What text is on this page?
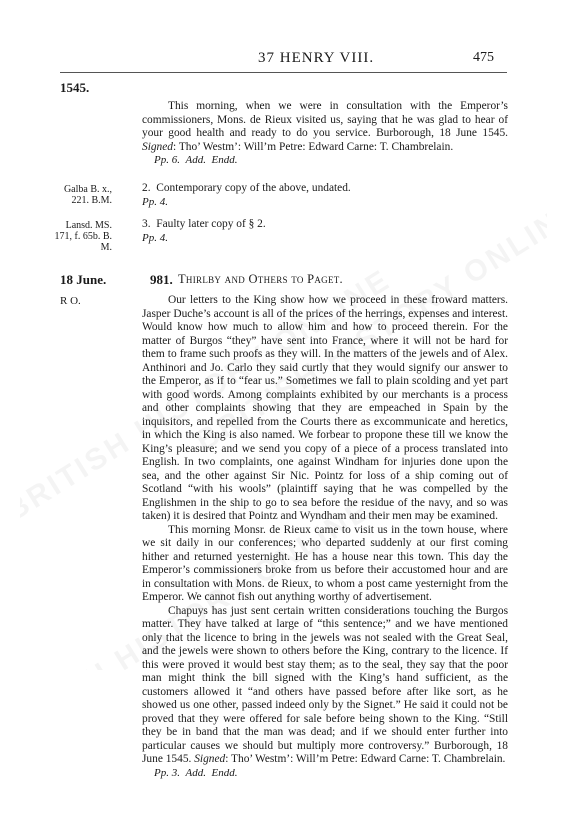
37 HENRY VIII.	475
1545.

This morning, when we were in consultation with the Emperor’s commissioners, Mons. de Rieux visited us, saying that he was glad to hear of your good health and ready to do you service. Burborough, 18 June 1545. Signed: Tho’ Westm’: Will’m Petre: Edward Carne: T. Chambrelain.

Pp. 6. Add. Endd.

Galba B. x., 221. B.M.

2. Contemporary copy of the above, undated.

Pp. 4.

Lansd. MS. 171, f. 65b. B. M.

3. Faulty later copy of § 2.

Pp. 4.

18 June.	981. Thirlby and Others to Paget.
R O.	Our letters to the King show how we proceed in these froward matters. Jasper Duche’s account is all of the prices of the herrings, expenses and interest. Would know how much to allow him and how to proceed therein. For the matter of Burgos “they” have sent into France, where it will not be hard for them to frame such proofs as they will. In the matters of the jewels and of Alex. Anthinori and Jo. Carlo they said curtly that they would signify our answer to the Emperor, as if to “fear us.” Sometimes we fall to plain scolding and yet part with good words. Among complaints exhibited by our merchants is a process and other complaints showing that they are empeached in Spain by the inquisitors, and repelled from the Courts there as excommunicate and heretics, in which the King is also named. We forbear to propone these till we know the King’s pleasure; and we send you copy of a piece of a process translated into English. In two complaints, one against Windham for injuries done upon the sea, and the other against Sir Nic. Pointz for loss of a ship coming out of Scotland “with his wools” (plaintiff saying that he was compelled by the Englishmen in the ship to go to sea before the residue of the navy, and so was taken) it is desired that Pointz and Wyndham and their men may be examined.

This morning Monsr. de Rieux came to visit us in the town house, where we sit daily in our conferences; who departed suddenly at our first coming hither and returned yesternight. He has a house near this town. This day the Emperor’s commissioners broke from us before their accustomed hour and are in consultation with Mons. de Rieux, to whom a post came yesternight from the Emperor. We cannot fish out anything worthy of advertisement.

Chapuys has just sent certain written considerations touching the Burgos matter. They have talked at large of “this sentence;” and we have mentioned only that the licence to bring in the jewels was not sealed with the Great Seal, and the jewels were shown to others before the King, contrary to the licence. If this were proved it would best stay them; as to the seal, they say that the poor man might think the bill signed with the King’s hand sufficient, as the customers allowed it “and others have passed before after like sort, as he showed us one other, passed indeed only by the Signet.” He said it could not be proved that they were offered for sale before being shown to the King. “Still they be in band that the man was dead; and if we should enter further into particular causes we should but multiply more controversy.” Burborough, 18 June 1545. Signed: Tho’ Westm’: Will’m Petre: Edward Carne: T. Chambrelain.

Pp. 3. Add. Endd.
